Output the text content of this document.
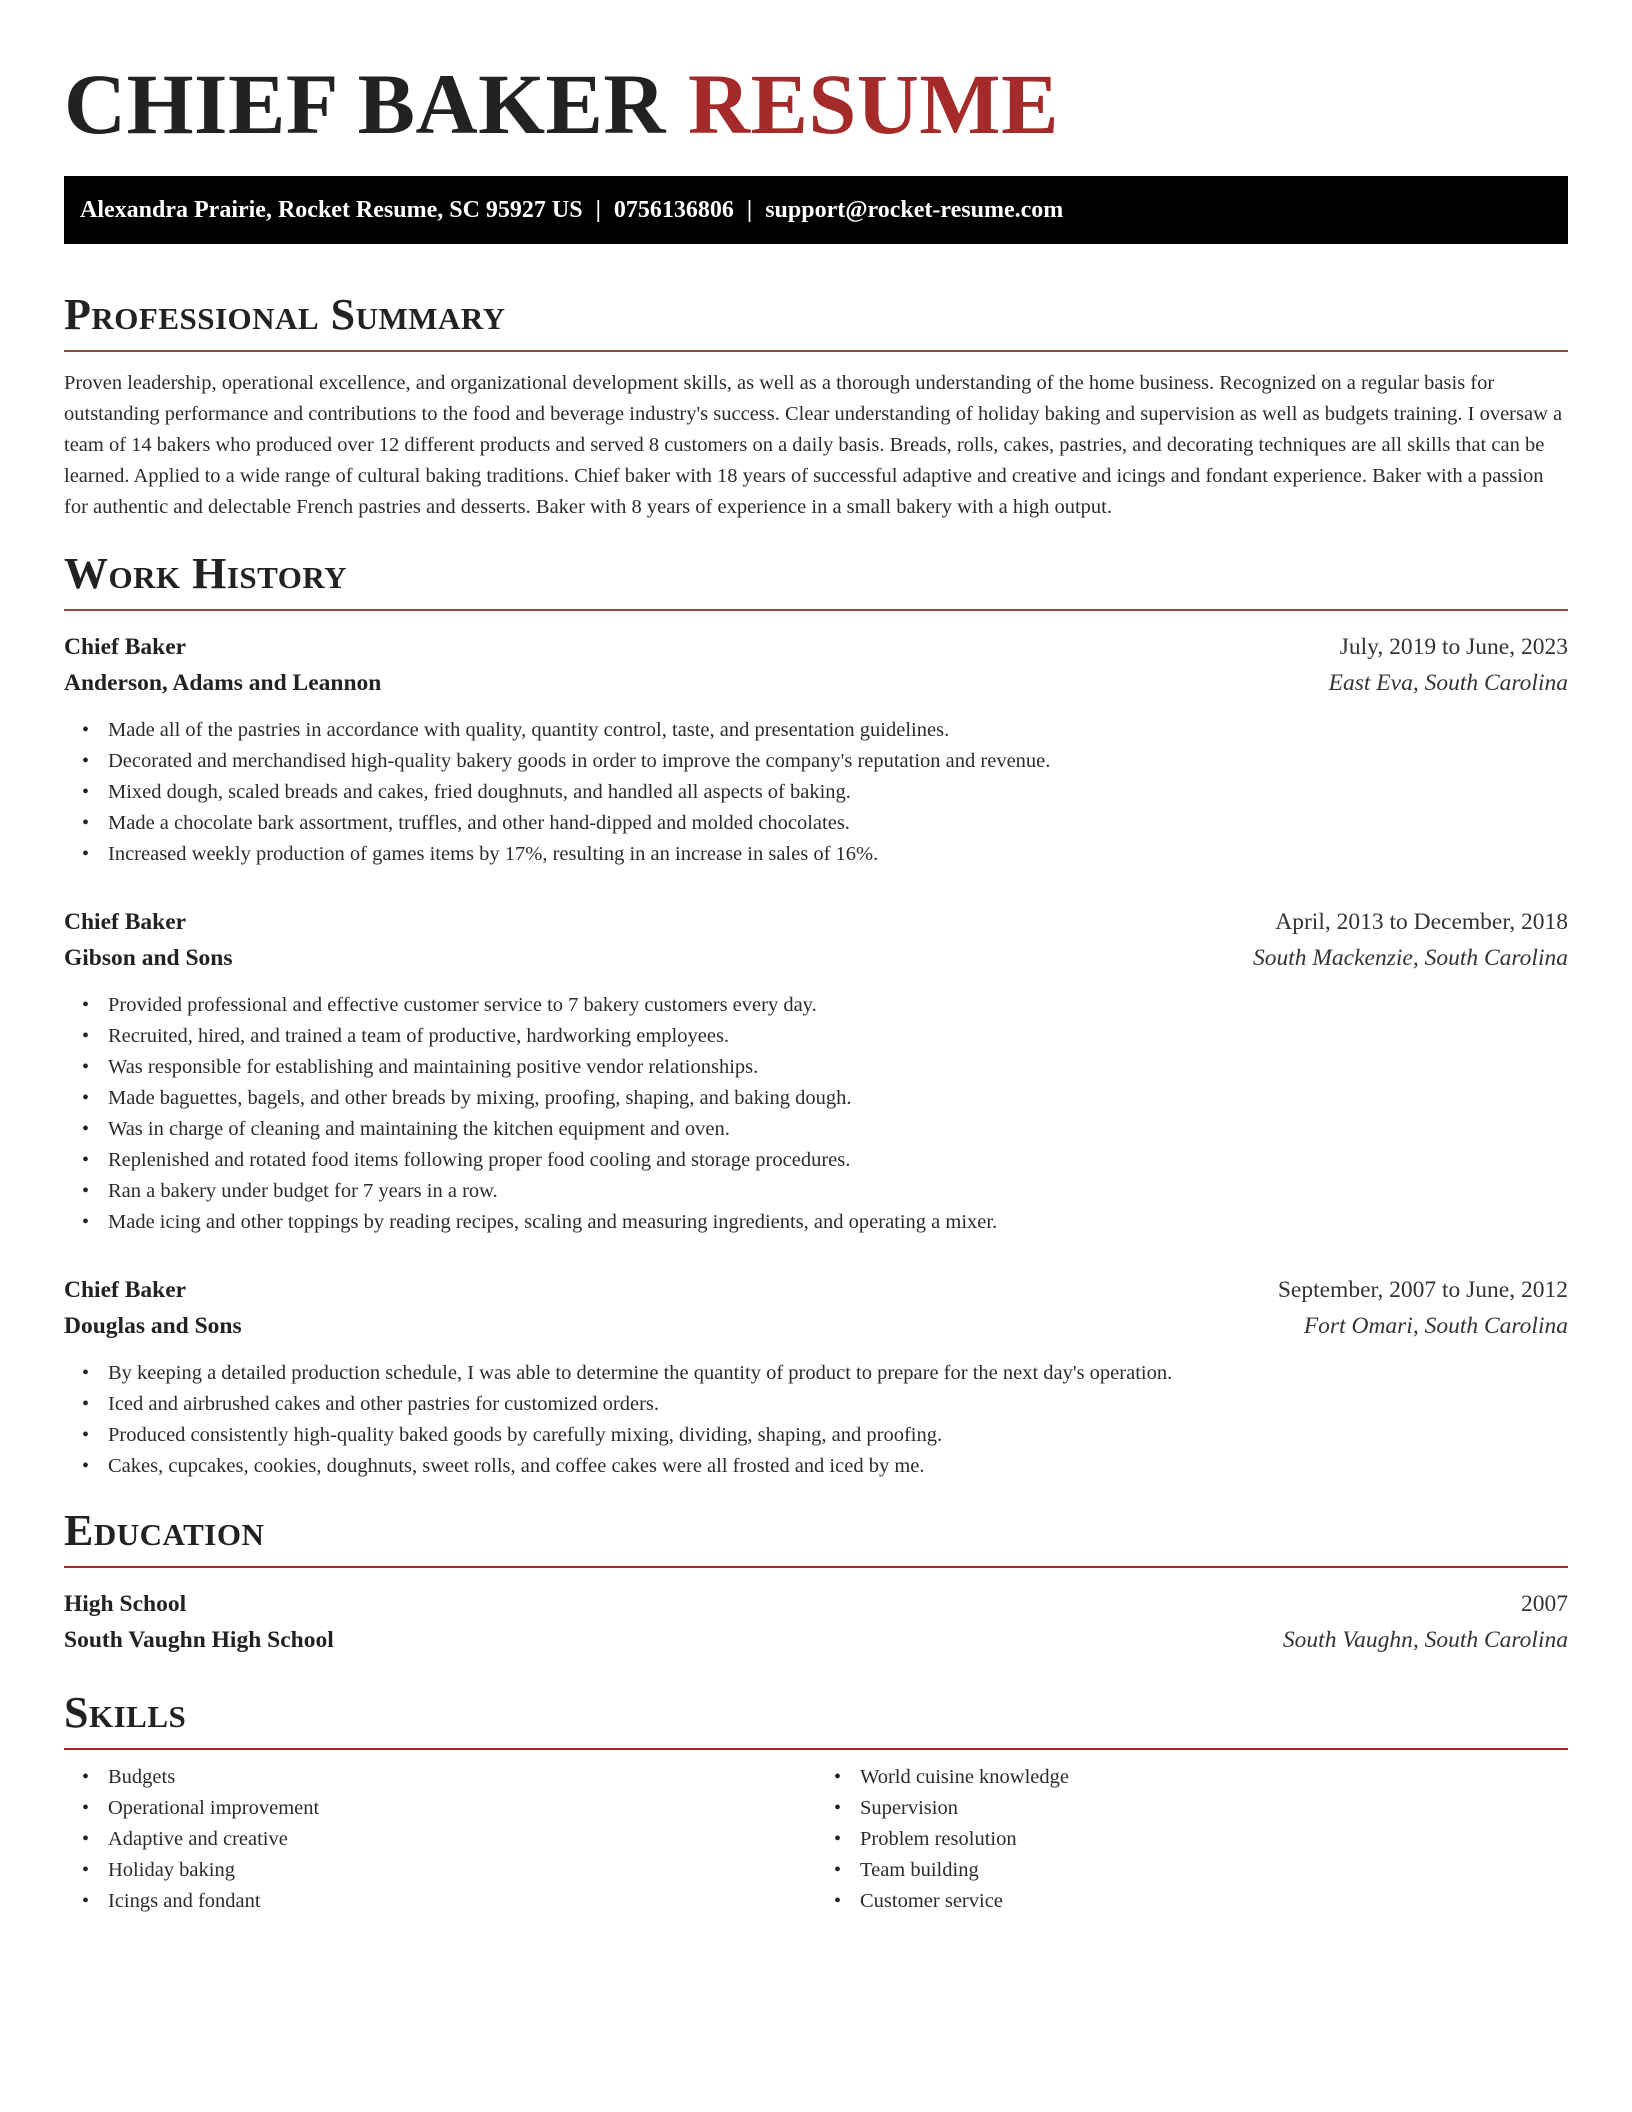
CHIEF BAKER RESUME
Alexandra Prairie, Rocket Resume, SC 95927 US | 0756136806 | support@rocket-resume.com
Professional Summary

Proven leadership, operational excellence, and organizational development skills, as well as a thorough understanding of the home business. Recognized on a regular basis for outstanding performance and contributions to the food and beverage industry's success. Clear understanding of holiday baking and supervision as well as budgets training. I oversaw a team of 14 bakers who produced over 12 different products and served 8 customers on a daily basis. Breads, rolls, cakes, pastries, and decorating techniques are all skills that can be learned. Applied to a wide range of cultural baking traditions. Chief baker with 18 years of successful adaptive and creative and icings and fondant experience. Baker with a passion for authentic and delectable French pastries and desserts. Baker with 8 years of experience in a small bakery with a high output.

Work History
Chief Baker	July, 2019 to June, 2023
Anderson, Adams and Leannon	East Eva, South Carolina
• Made all of the pastries in accordance with quality, quantity control, taste, and presentation guidelines.
• Decorated and merchandised high-quality bakery goods in order to improve the company's reputation and revenue.
• Mixed dough, scaled breads and cakes, fried doughnuts, and handled all aspects of baking.
• Made a chocolate bark assortment, truffles, and other hand-dipped and molded chocolates.
• Increased weekly production of games items by 17%, resulting in an increase in sales of 16%.
Chief Baker	April, 2013 to December, 2018
Gibson and Sons	South Mackenzie, South Carolina
• Provided professional and effective customer service to 7 bakery customers every day.
• Recruited, hired, and trained a team of productive, hardworking employees.
• Was responsible for establishing and maintaining positive vendor relationships.
• Made baguettes, bagels, and other breads by mixing, proofing, shaping, and baking dough.
• Was in charge of cleaning and maintaining the kitchen equipment and oven.
• Replenished and rotated food items following proper food cooling and storage procedures.
• Ran a bakery under budget for 7 years in a row.
• Made icing and other toppings by reading recipes, scaling and measuring ingredients, and operating a mixer.
Chief Baker	September, 2007 to June, 2012
Douglas and Sons	Fort Omari, South Carolina
• By keeping a detailed production schedule, I was able to determine the quantity of product to prepare for the next day's operation.
• Iced and airbrushed cakes and other pastries for customized orders.
• Produced consistently high-quality baked goods by carefully mixing, dividing, shaping, and proofing.
• Cakes, cupcakes, cookies, doughnuts, sweet rolls, and coffee cakes were all frosted and iced by me.
Education
High School	2007
South Vaughn High School	South Vaughn, South Carolina
Skills
• Budgets
• Operational improvement
• Adaptive and creative
• Holiday baking
• Icings and fondant
• World cuisine knowledge
• Supervision
• Problem resolution
• Team building
• Customer service
